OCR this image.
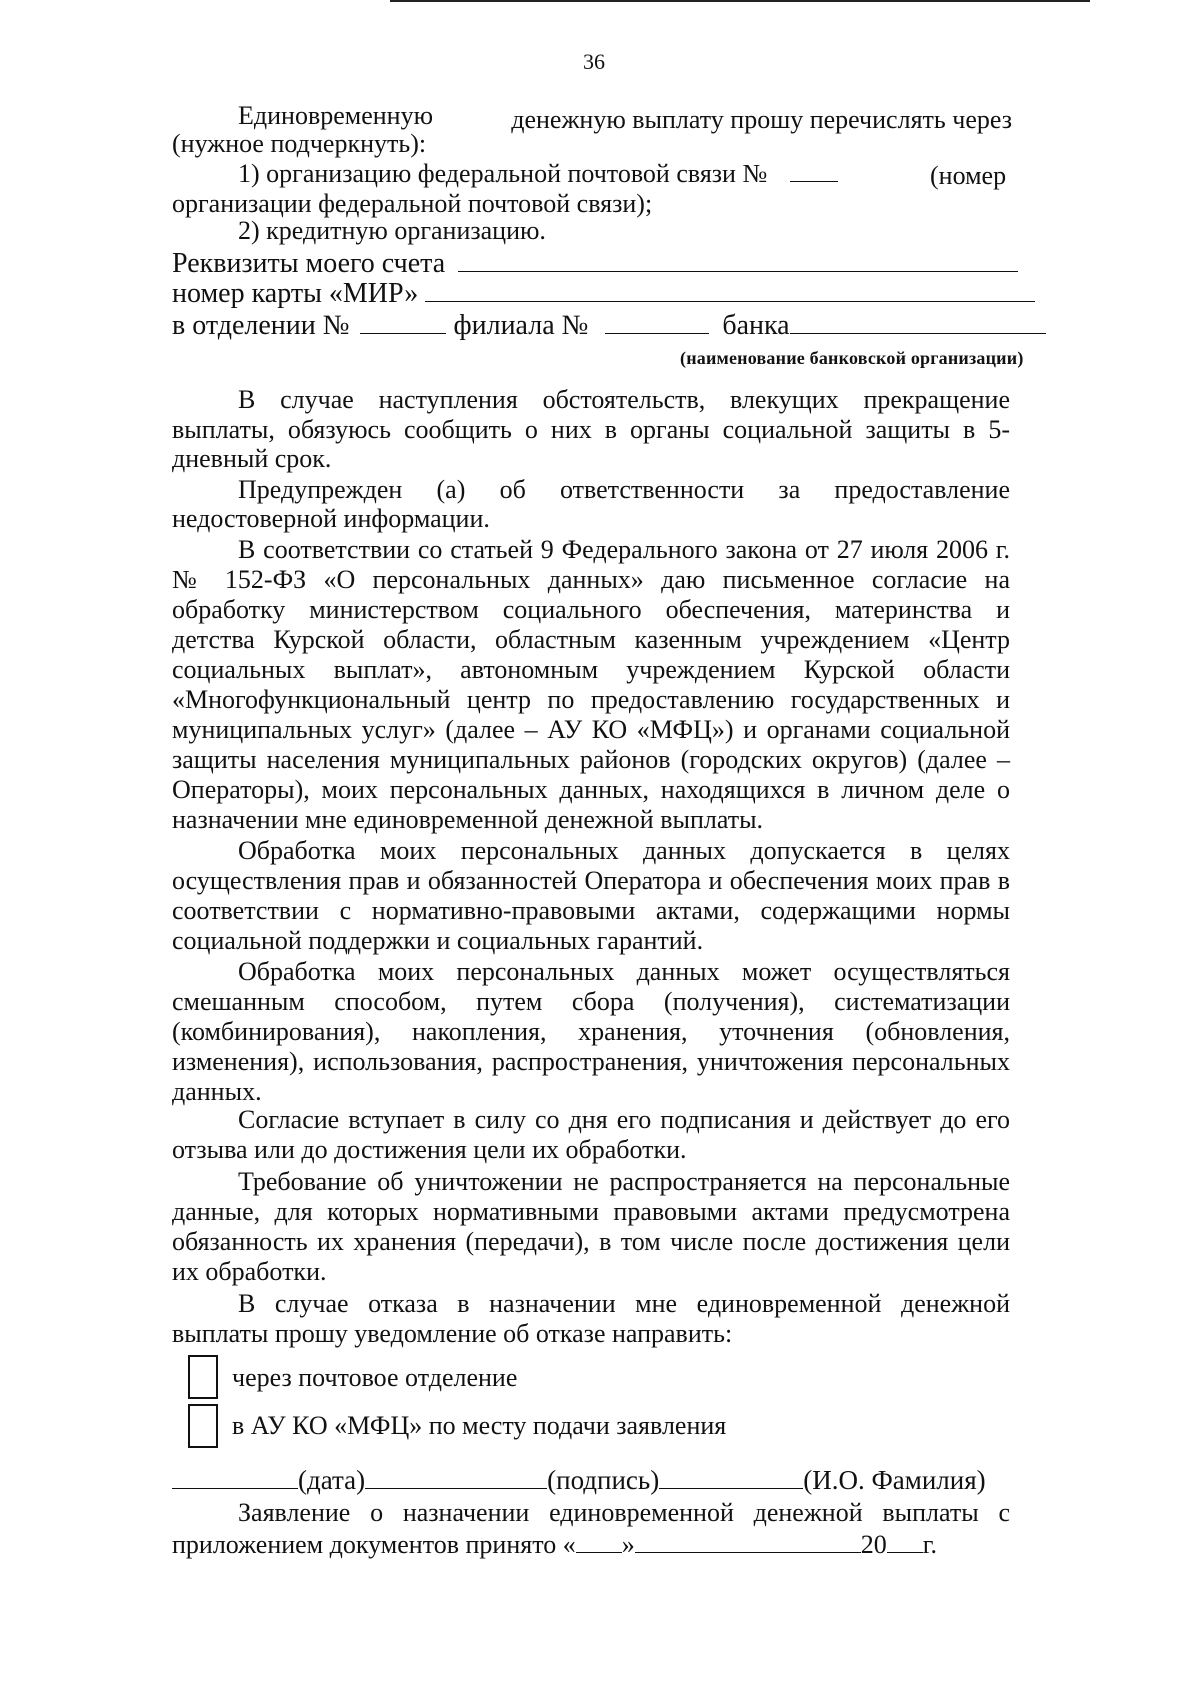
36
Единовременную	денежную выплату прошу перечислять через
(нужное подчеркнуть):
1) организацию федеральной почтовой связи №	(номер
организации федеральной почтовой связи);
2) кредитную организацию.
Реквизиты моего счета
номер карты «МИР»
в отделении №	филиала №	банка
(наименование банковской организации)
В случае наступления обстоятельств, влекущих прекращение
выплаты, обязуюсь сообщить о них в органы социальной защиты в 5-
дневный срок.
Предупрежден (а) об ответственности за предоставление
недостоверной информации.
В соответствии со статьей 9 Федерального закона от 27 июля 2006 г.
№ 152-ФЗ «О персональных данных» даю письменное согласие на
обработку министерством социального обеспечения, материнства и
детства Курской области, областным казенным учреждением «Центр
социальных выплат», автономным учреждением Курской области
«Многофункциональный центр по предоставлению государственных и
муниципальных услуг» (далее – АУ КО «МФЦ») и органами социальной
защиты населения муниципальных районов (городских округов) (далее –
Операторы), моих персональных данных, находящихся в личном деле о
назначении мне единовременной денежной выплаты.
Обработка моих персональных данных допускается в целях
осуществления прав и обязанностей Оператора и обеспечения моих прав в
соответствии с нормативно-правовыми актами, содержащими нормы
социальной поддержки и социальных гарантий.
Обработка моих персональных данных может осуществляться
смешанным способом, путем сбора (получения), систематизации
(комбинирования), накопления, хранения, уточнения (обновления,
изменения), использования, распространения, уничтожения персональных
данных.
Согласие вступает в силу со дня его подписания и действует до его
отзыва или до достижения цели их обработки.
Требование об уничтожении не распространяется на персональные
данные, для которых нормативными правовыми актами предусмотрена
обязанность их хранения (передачи), в том числе после достижения цели
их обработки.
В случае отказа в назначении мне единовременной денежной
выплаты прошу уведомление об отказе направить:
через почтовое отделение
в АУ КО «МФЦ» по месту подачи заявления
(дата)	(подпись)	(И.О. Фамилия)
Заявление о назначении единовременной денежной выплаты с
приложением документов принято « »	20 г.
